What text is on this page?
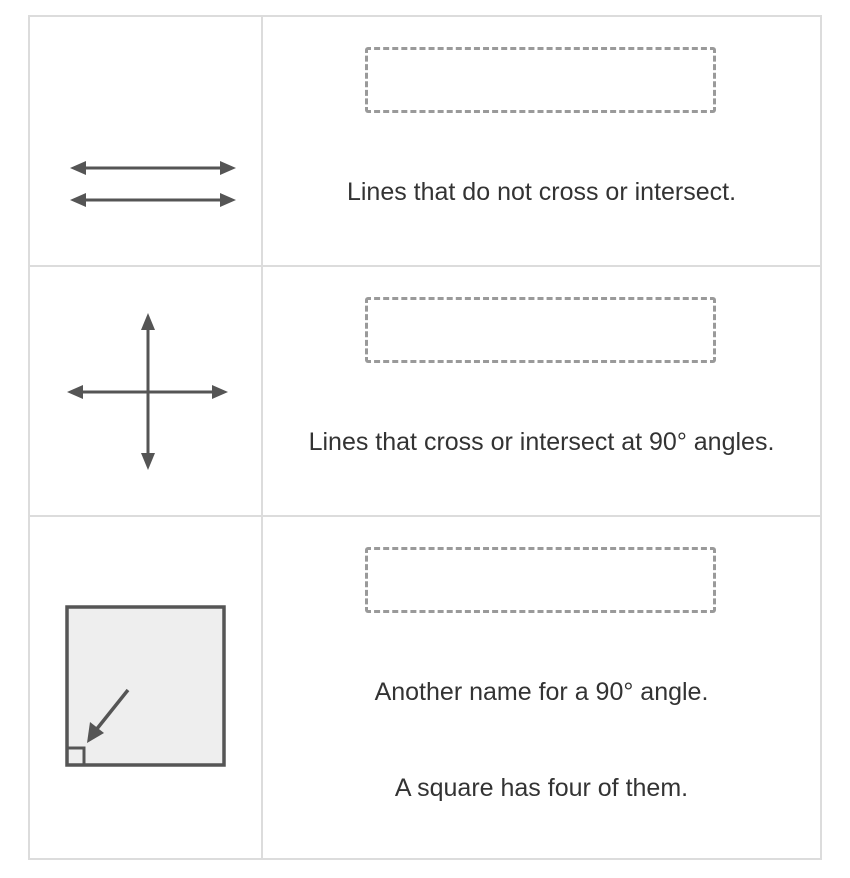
Lines that do not cross or intersect.
Lines that cross or intersect at 90° angles.
Another name for a 90° angle.
A square has four of them.
